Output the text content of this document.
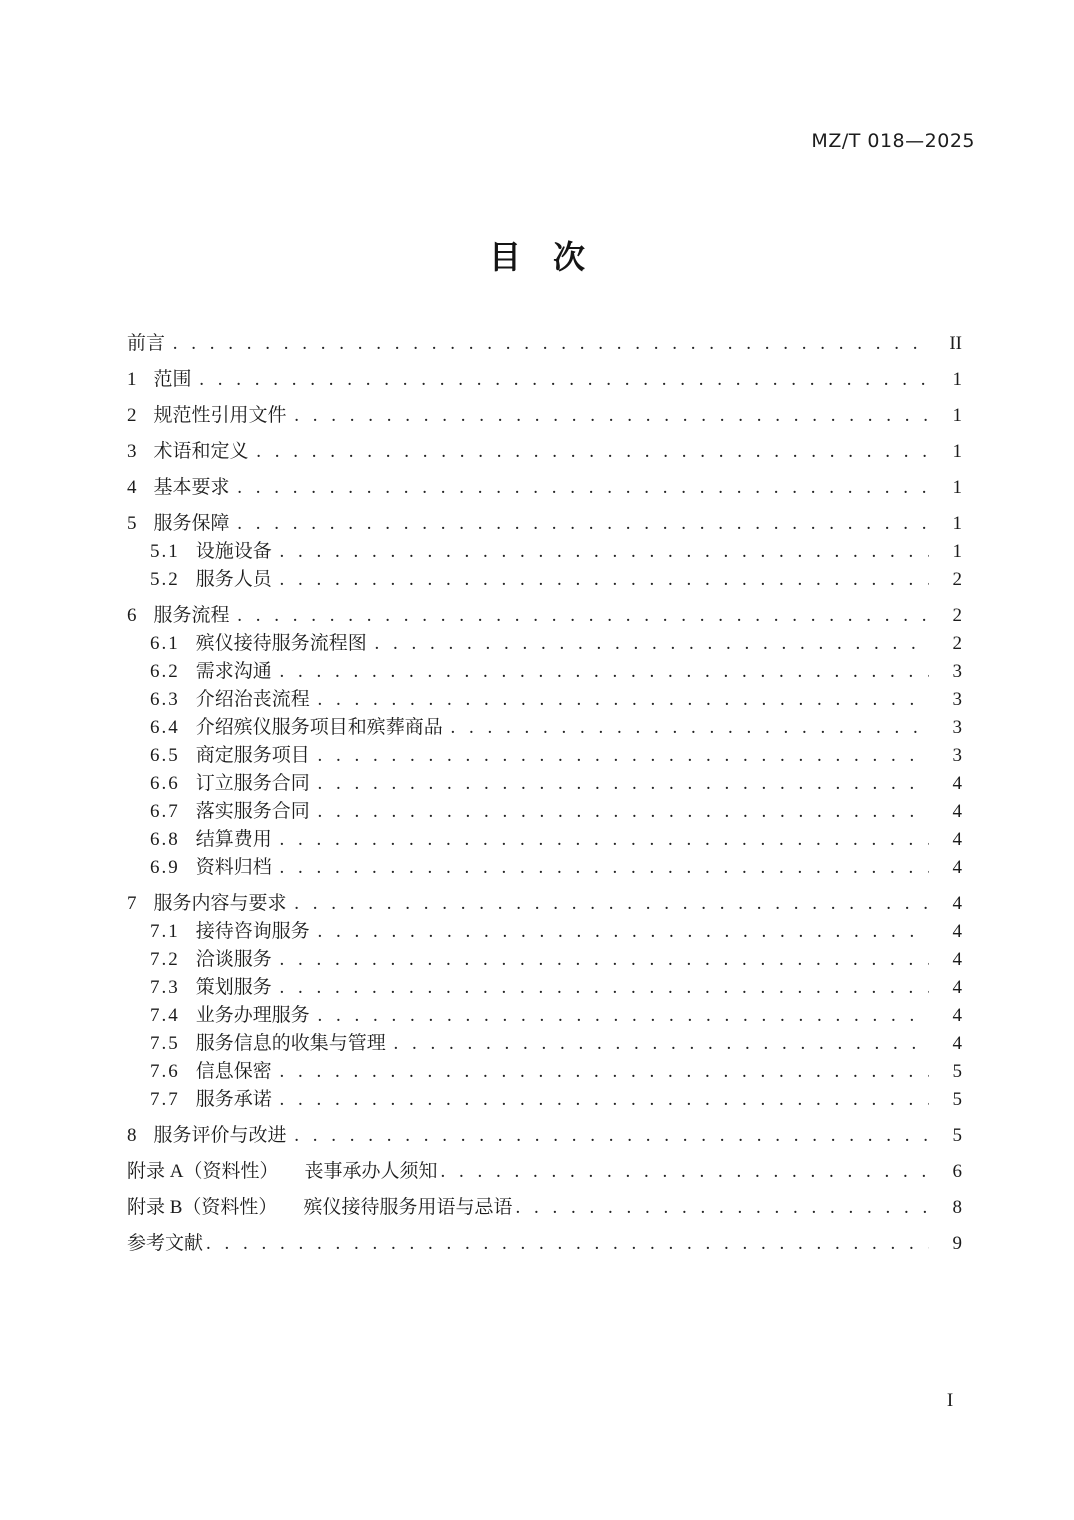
MZ/T 018—2025
目　次
前言 . . .	II
1 范围 . . .	1
2 规范性引用文件 . . .	1
3 术语和定义 . . .	1
4 基本要求 . . .	1
5 服务保障 . . .	1
5.1 设施设备 . . .	1
5.2 服务人员 . . .	2
6 服务流程 . . .	2
6.1 殡仪接待服务流程图 . . .	2
6.2 需求沟通 . . .	3
6.3 介绍治丧流程 . . .	3
6.4 介绍殡仪服务项目和殡葬商品 . . .	3
6.5 商定服务项目 . . .	3
6.6 订立服务合同 . . .	4
6.7 落实服务合同 . . .	4
6.8 结算费用 . . .	4
6.9 资料归档 . . .	4
7 服务内容与要求 . . .	4
7.1 接待咨询服务 . . .	4
7.2 洽谈服务 . . .	4
7.3 策划服务 . . .	4
7.4 业务办理服务 . . .	4
7.5 服务信息的收集与管理 . . .	4
7.6 信息保密 . . .	5
7.7 服务承诺 . . .	5
8 服务评价与改进 . . .	5
附录 A（资料性） 丧事承办人须知 . . .	6
附录 B（资料性） 殡仪接待服务用语与忌语 . . .	8
参考文献 . . .	9
I
